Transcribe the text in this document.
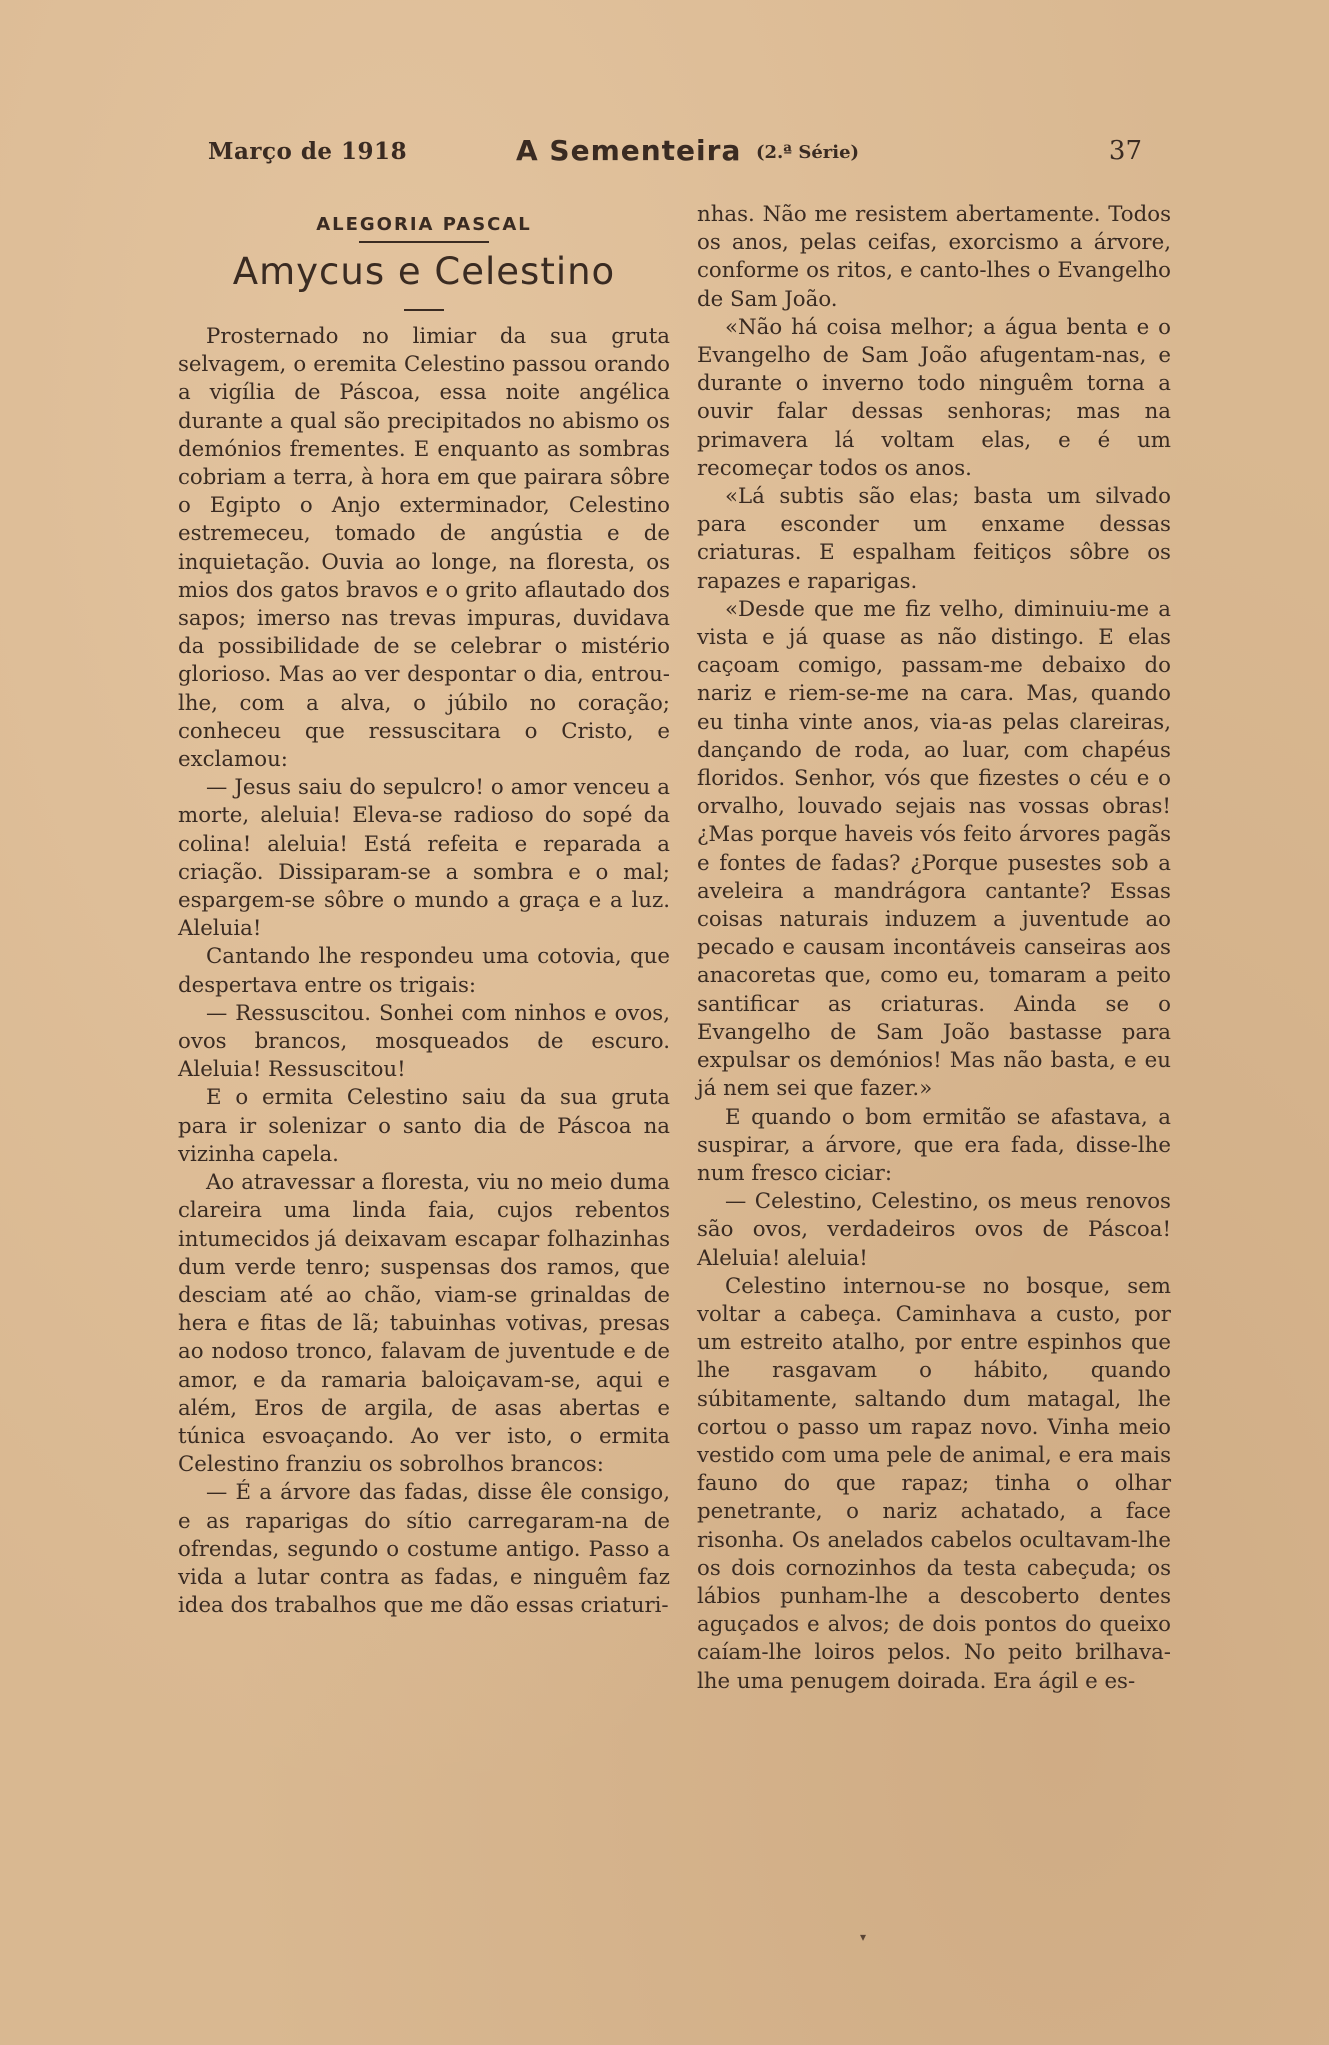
Março de 1918	A Sementeira (2.ª Série)	37
ALEGORIA PASCAL
Amycus e Celestino

Prosternado no limiar da sua gruta selvagem, o eremita Celestino passou orando a vigília de Páscoa, essa noite angélica durante a qual são precipitados no abismo os demónios frementes. E enquanto as sombras cobriam a terra, à hora em que pairara sôbre o Egipto o Anjo exterminador, Celestino estremeceu, tomado de angústia e de inquietação. Ouvia ao longe, na floresta, os mios dos gatos bravos e o grito aflautado dos sapos; imerso nas trevas impuras, duvidava da possibilidade de se celebrar o mistério glorioso. Mas ao ver despontar o dia, entrou-lhe, com a alva, o júbilo no coração; conheceu que ressuscitara o Cristo, e exclamou:

— Jesus saiu do sepulcro! o amor venceu a morte, aleluia! Eleva-se radioso do sopé da colina! aleluia! Está refeita e reparada a criação. Dissiparam-se a sombra e o mal; espargem-se sôbre o mundo a graça e a luz. Aleluia!

Cantando lhe respondeu uma cotovia, que despertava entre os trigais:

— Ressuscitou. Sonhei com ninhos e ovos, ovos brancos, mosqueados de escuro. Aleluia! Ressuscitou!

E o ermita Celestino saiu da sua gruta para ir solenizar o santo dia de Páscoa na vizinha capela.

Ao atravessar a floresta, viu no meio duma clareira uma linda faia, cujos rebentos intumecidos já deixavam escapar folhazinhas dum verde tenro; suspensas dos ramos, que desciam até ao chão, viam-se grinaldas de hera e fitas de lã; tabuinhas votivas, presas ao nodoso tronco, falavam de juventude e de amor, e da ramaria baloiçavam-se, aqui e além, Eros de argila, de asas abertas e túnica esvoaçando. Ao ver isto, o ermita Celestino franziu os sobrolhos brancos:

— É a árvore das fadas, disse êle consigo, e as raparigas do sítio carregaram-na de ofrendas, segundo o costume antigo. Passo a vida a lutar contra as fadas, e ninguêm faz idea dos trabalhos que me dão essas criaturi-

nhas. Não me resistem abertamente. Todos os anos, pelas ceifas, exorcismo a árvore, conforme os ritos, e canto-lhes o Evangelho de Sam João.

«Não há coisa melhor; a água benta e o Evangelho de Sam João afugentam-nas, e durante o inverno todo ninguêm torna a ouvir falar dessas senhoras; mas na primavera lá voltam elas, e é um recomeçar todos os anos.

«Lá subtis são elas; basta um silvado para esconder um enxame dessas criaturas. E espalham feitiços sôbre os rapazes e raparigas.

«Desde que me fiz velho, diminuiu-me a vista e já quase as não distingo. E elas caçoam comigo, passam-me debaixo do nariz e riem-se-me na cara. Mas, quando eu tinha vinte anos, via-as pelas clareiras, dançando de roda, ao luar, com chapéus floridos. Senhor, vós que fizestes o céu e o orvalho, louvado sejais nas vossas obras! ¿Mas porque haveis vós feito árvores pagãs e fontes de fadas? ¿Porque pusestes sob a aveleira a mandrágora cantante? Essas coisas naturais induzem a juventude ao pecado e causam incontáveis canseiras aos anacoretas que, como eu, tomaram a peito santificar as criaturas. Ainda se o Evangelho de Sam João bastasse para expulsar os demónios! Mas não basta, e eu já nem sei que fazer.»

E quando o bom ermitão se afastava, a suspirar, a árvore, que era fada, disse-lhe num fresco ciciar:

— Celestino, Celestino, os meus renovos são ovos, verdadeiros ovos de Páscoa! Aleluia! aleluia!

Celestino internou-se no bosque, sem voltar a cabeça. Caminhava a custo, por um estreito atalho, por entre espinhos que lhe rasgavam o hábito, quando súbitamente, saltando dum matagal, lhe cortou o passo um rapaz novo. Vinha meio vestido com uma pele de animal, e era mais fauno do que rapaz; tinha o olhar penetrante, o nariz achatado, a face risonha. Os anelados cabelos ocultavam-lhe os dois cornozinhos da testa cabeçuda; os lábios punham-lhe a descoberto dentes aguçados e alvos; de dois pontos do queixo caíam-lhe loiros pelos. No peito brilhava-lhe uma penugem doirada. Era ágil e es-

▾
